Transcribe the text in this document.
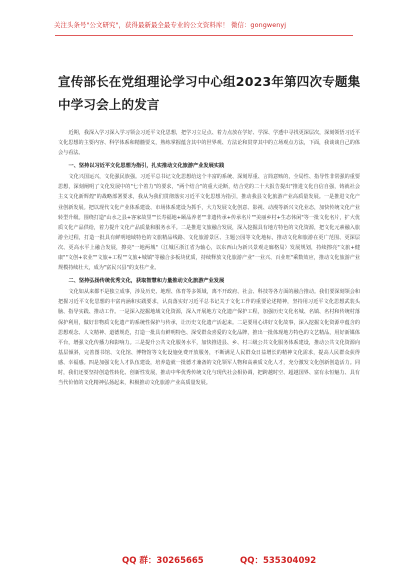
关注头条号"公文研究"，获得最新最全最专业的公文资料库！ 微信：gongwenyj
宣传部长在党组理论学习中心组2023年第四次专题集中学习会上的发言

近期，我深入学习深入学习领会习近平文化思想，把学习立足点、着力点放在学好、学深、学透中寻找更深层次，深刻领悟习近平文化思想的主要内容、科学体系和精髓要义，熟练掌握蕴含其中的世界观、方法论和贯穿其中的立场观点方法，下面，我谈谈自己的体会与看法。

一、坚持以习近平文化思想为指引，扎实推动文化旅游产业发展实践

文化兴国运兴，文化强民族强。习近平总书记文化思想给这个丰富的系统、深刻厚重、言简意赅的，全局性、指导性非常强的重要思想，深刻阐明了文化发展中的"七个着力"的要求，"两个结合"的重大论断，结合党的二十大报告提出"推进文化自信自强，铸就社会主义文化新辉煌"的战略部署要求，我从为我们贯彻落实习近平文化思想为指引，推动我县文化旅游产业高质量发展。一是推进文化产业创新发展。把以现代文化产业体系建设、市场体系建设为抓手，大力发展文化创意、影视、动漫等新兴文化业态，加快传统文化产业转型升级。围绕打造"山水之县+客家故里""长寿福地+颐品养老""非遗传承+传承名片""美丽乡村+生态休闲"等一批文化名片，扩大优质文化产品供给，着力提升文化产品质量和服务水平。二是推进文旅融合发展，深入挖掘具有地方特色的文化资源，把文化元素融入旅游全过程，打造一批具有鲜明地域特色的文旅精品线路、文化旅游景区、主题公园等文化地标，推动文化和旅游在更广范围、更深层次、更高水平上融合发展，擦亮"一地两城"（江城区浙江省为轴心，以东西山为新兴景观走廊格局）发展规划，持续擦亮"文旅+健康""文创+农业""文旅+工程""文旅+城镇"等融合多板块优质，持续释放文化旅游产业"一业兴、百业旺"乘数效应，推动文化旅游产业规模持续壮大，成为"富民兴县"的支柱产业。

二、坚持弘扬传统优秀文化，获取智慧和力量推动文化旅游产业发展

文化如从来都不是独立成事，涉及历史、地理、体育等多领域，离不开政府、社会、科技等各方面的融合推动。我们要深刻领会和把握习近平文化思想的丰富内涵和实践要求，认真落实好习近平总书记关于文化工作的重要论述精神，坚持用习近平文化思想武装头脑、指导实践、推动工作。一是深入挖掘地域文化资源，深入开展地方文化遗产保护工程，加强历史文化名城、名镇、名村和传统村落保护利用，做好非物质文化遗产的系统性保护与传承，让历史文化遗产活起来。二是要用心讲好文化故事，深入挖掘文化资源中蕴含的思想观念、人文精神、道德规范，打造一批具有鲜明特色、深受群众喜爱的文化品牌，推出一批体现地方特色的文艺精品，用好新媒体平台，增强文化传播力和影响力。三是提升公共文化服务水平，加快推进县、乡、村三级公共文化服务体系建设，推动公共文化资源向基层倾斜，完善图书馆、文化馆、博物馆等文化设施免费开放服务，不断满足人民群众日益增长的精神文化需求，提高人民群众获得感、幸福感。四是加强文化人才队伍建设，培养造就一批德才兼备的文化领军人物和高素质文化人才，充分激发文化创新创造活力。同时，我们还要坚持创造性转化、创新性发展，推动中华优秀传统文化与现代社会相协调，把跨越时空、超越国界、富有永恒魅力、具有当代价值的文化精神弘扬起来，积极推动文化旅游产业高质量发展。

QQ 群：30265665	QQ：535304092
